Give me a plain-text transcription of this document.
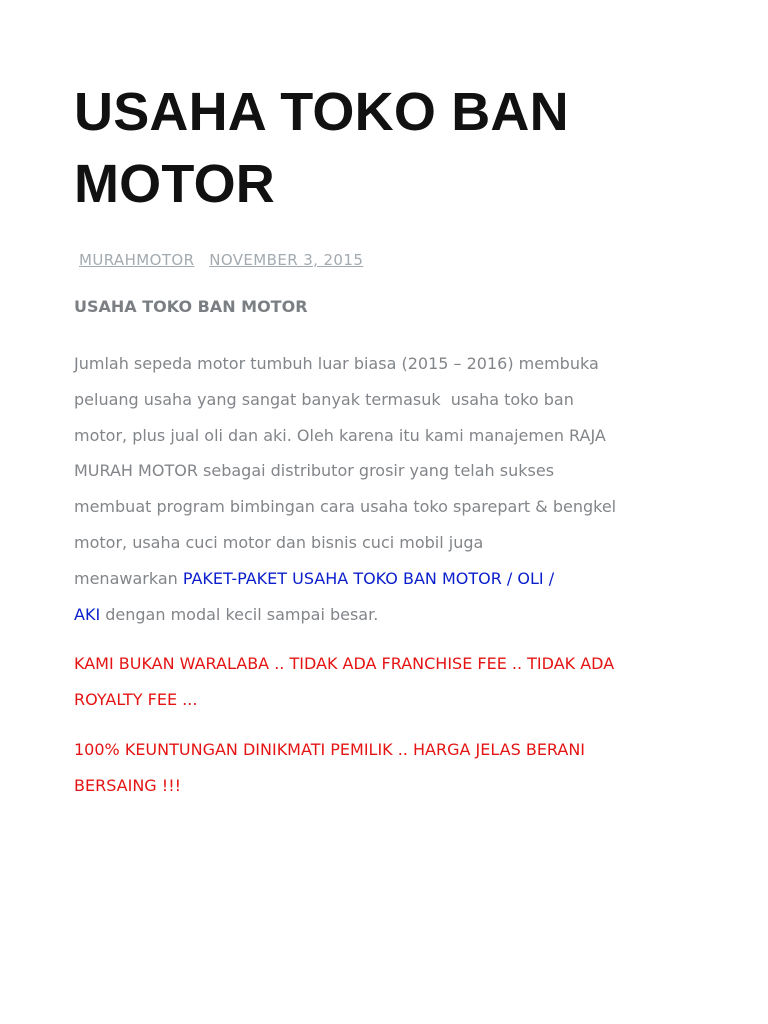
USAHA TOKO BAN
MOTOR
MURAHMOTOR NOVEMBER 3, 2015
USAHA TOKO BAN MOTOR
Jumlah sepeda motor tumbuh luar biasa (2015 – 2016) membuka
peluang usaha yang sangat banyak termasuk  usaha toko ban
motor, plus jual oli dan aki. Oleh karena itu kami manajemen RAJA
MURAH MOTOR sebagai distributor grosir yang telah sukses
membuat program bimbingan cara usaha toko sparepart & bengkel
motor, usaha cuci motor dan bisnis cuci mobil juga
menawarkan PAKET-PAKET USAHA TOKO BAN MOTOR / OLI /
AKI dengan modal kecil sampai besar.
KAMI BUKAN WARALABA .. TIDAK ADA FRANCHISE FEE .. TIDAK ADA
ROYALTY FEE ...
100% KEUNTUNGAN DINIKMATI PEMILIK .. HARGA JELAS BERANI
BERSAING !!!
